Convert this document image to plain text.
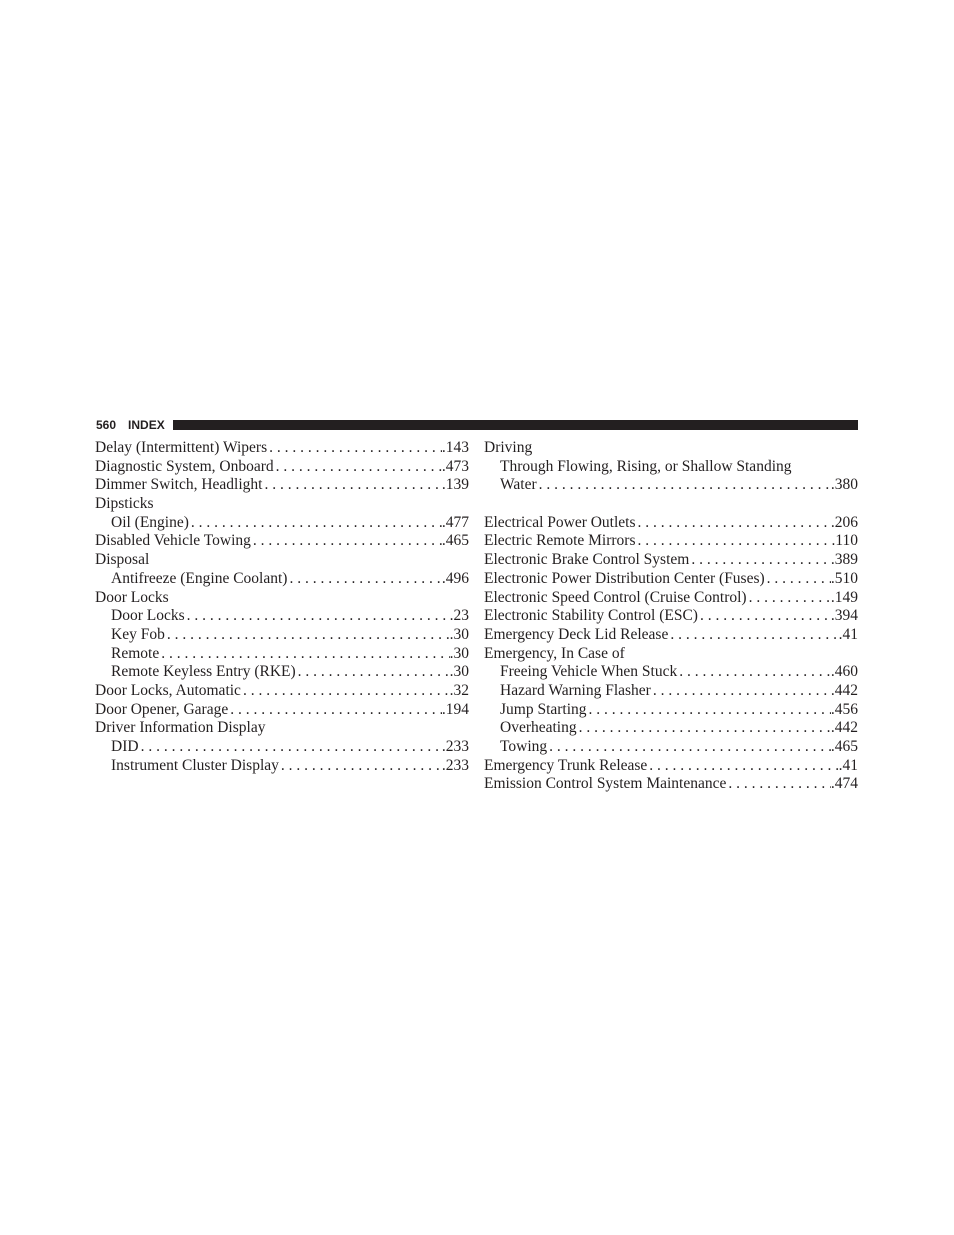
560 INDEX
Delay (Intermittent) Wipers . . .	.143
Diagnostic System, Onboard . . .	.473
Dimmer Switch, Headlight . . .	.139
Dipsticks
Oil (Engine) . . .	.477
Disabled Vehicle Towing . . .	.465
Disposal
Antifreeze (Engine Coolant) . . .	.496
Door Locks
Door Locks . . .	.23
Key Fob . . .	.30
Remote . . .	.30
Remote Keyless Entry (RKE) . . .	.30
Door Locks, Automatic . . .	.32
Door Opener, Garage . . .	.194
Driver Information Display
DID . . .	.233
Instrument Cluster Display . . .	.233
Driving
Through Flowing, Rising, or Shallow Standing
Water . . .	.380
Electrical Power Outlets . . .	.206
Electric Remote Mirrors . . .	.110
Electronic Brake Control System . . .	.389
Electronic Power Distribution Center (Fuses) . . .	.510
Electronic Speed Control (Cruise Control) . . .	.149
Electronic Stability Control (ESC) . . .	.394
Emergency Deck Lid Release . . .	.41
Emergency, In Case of
Freeing Vehicle When Stuck . . .	.460
Hazard Warning Flasher . . .	.442
Jump Starting . . .	.456
Overheating . . .	.442
Towing . . .	.465
Emergency Trunk Release . . .	.41
Emission Control System Maintenance . . .	.474
